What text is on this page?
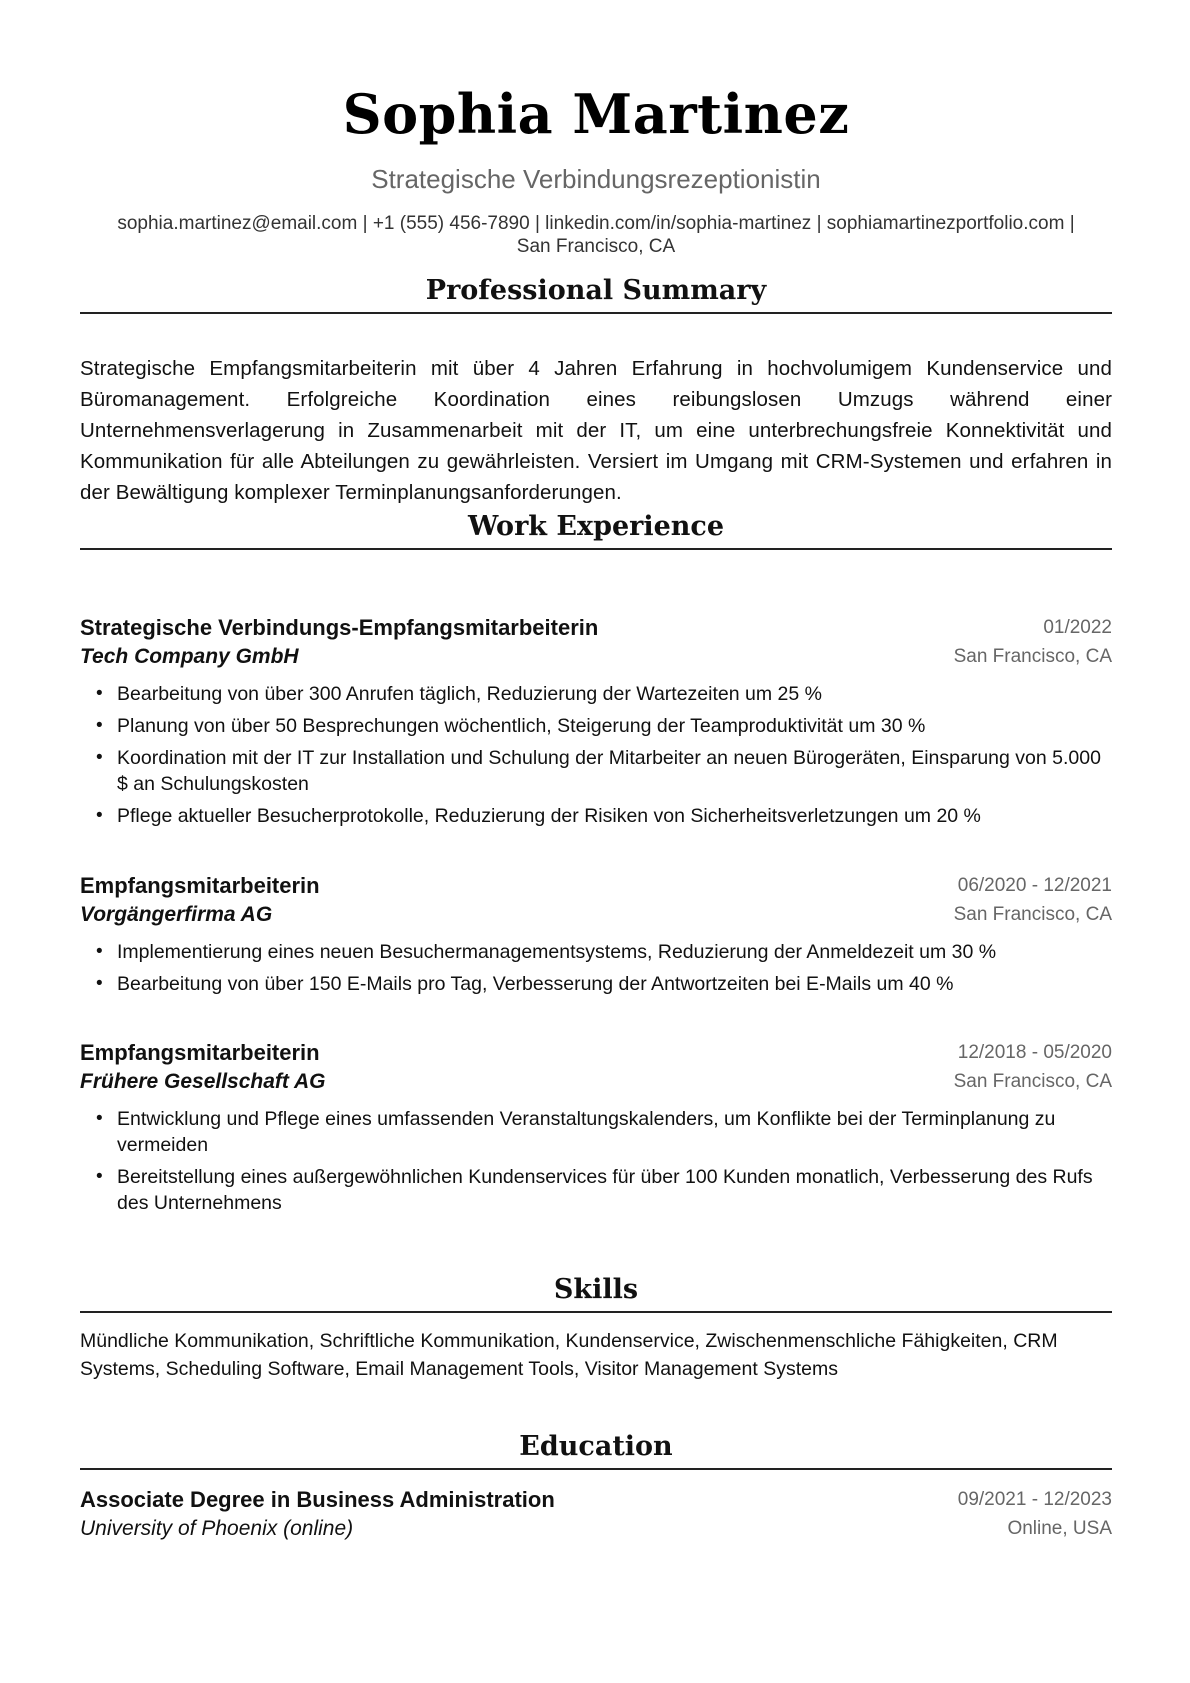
Sophia Martinez
Strategische Verbindungsrezeptionistin
sophia.martinez@email.com | +1 (555) 456-7890 | linkedin.com/in/sophia-martinez | sophiamartinezportfolio.com |
San Francisco, CA
Professional Summary
Strategische Empfangsmitarbeiterin mit über 4 Jahren Erfahrung in hochvolumigem Kundenservice und Büromanagement. Erfolgreiche Koordination eines reibungslosen Umzugs während einer Unternehmensverlagerung in Zusammenarbeit mit der IT, um eine unterbrechungsfreie Konnektivität und Kommunikation für alle Abteilungen zu gewährleisten. Versiert im Umgang mit CRM-Systemen und erfahren in der Bewältigung komplexer Terminplanungsanforderungen.
Work Experience
Strategische Verbindungs-Empfangsmitarbeiterin	01/2022
Tech Company GmbH	San Francisco, CA
• Bearbeitung von über 300 Anrufen täglich, Reduzierung der Wartezeiten um 25 %
• Planung von über 50 Besprechungen wöchentlich, Steigerung der Teamproduktivität um 30 %
• Koordination mit der IT zur Installation und Schulung der Mitarbeiter an neuen Bürogeräten, Einsparung von 5.000 $ an Schulungskosten
• Pflege aktueller Besucherprotokolle, Reduzierung der Risiken von Sicherheitsverletzungen um 20 %
Empfangsmitarbeiterin	06/2020 - 12/2021
Vorgängerfirma AG	San Francisco, CA
• Implementierung eines neuen Besuchermanagementsystems, Reduzierung der Anmeldezeit um 30 %
• Bearbeitung von über 150 E-Mails pro Tag, Verbesserung der Antwortzeiten bei E-Mails um 40 %
Empfangsmitarbeiterin	12/2018 - 05/2020
Frühere Gesellschaft AG	San Francisco, CA
• Entwicklung und Pflege eines umfassenden Veranstaltungskalenders, um Konflikte bei der Terminplanung zu vermeiden
• Bereitstellung eines außergewöhnlichen Kundenservices für über 100 Kunden monatlich, Verbesserung des Rufs des Unternehmens
Skills
Mündliche Kommunikation, Schriftliche Kommunikation, Kundenservice, Zwischenmenschliche Fähigkeiten, CRM Systems, Scheduling Software, Email Management Tools, Visitor Management Systems
Education
Associate Degree in Business Administration	09/2021 - 12/2023
University of Phoenix (online)	Online, USA
